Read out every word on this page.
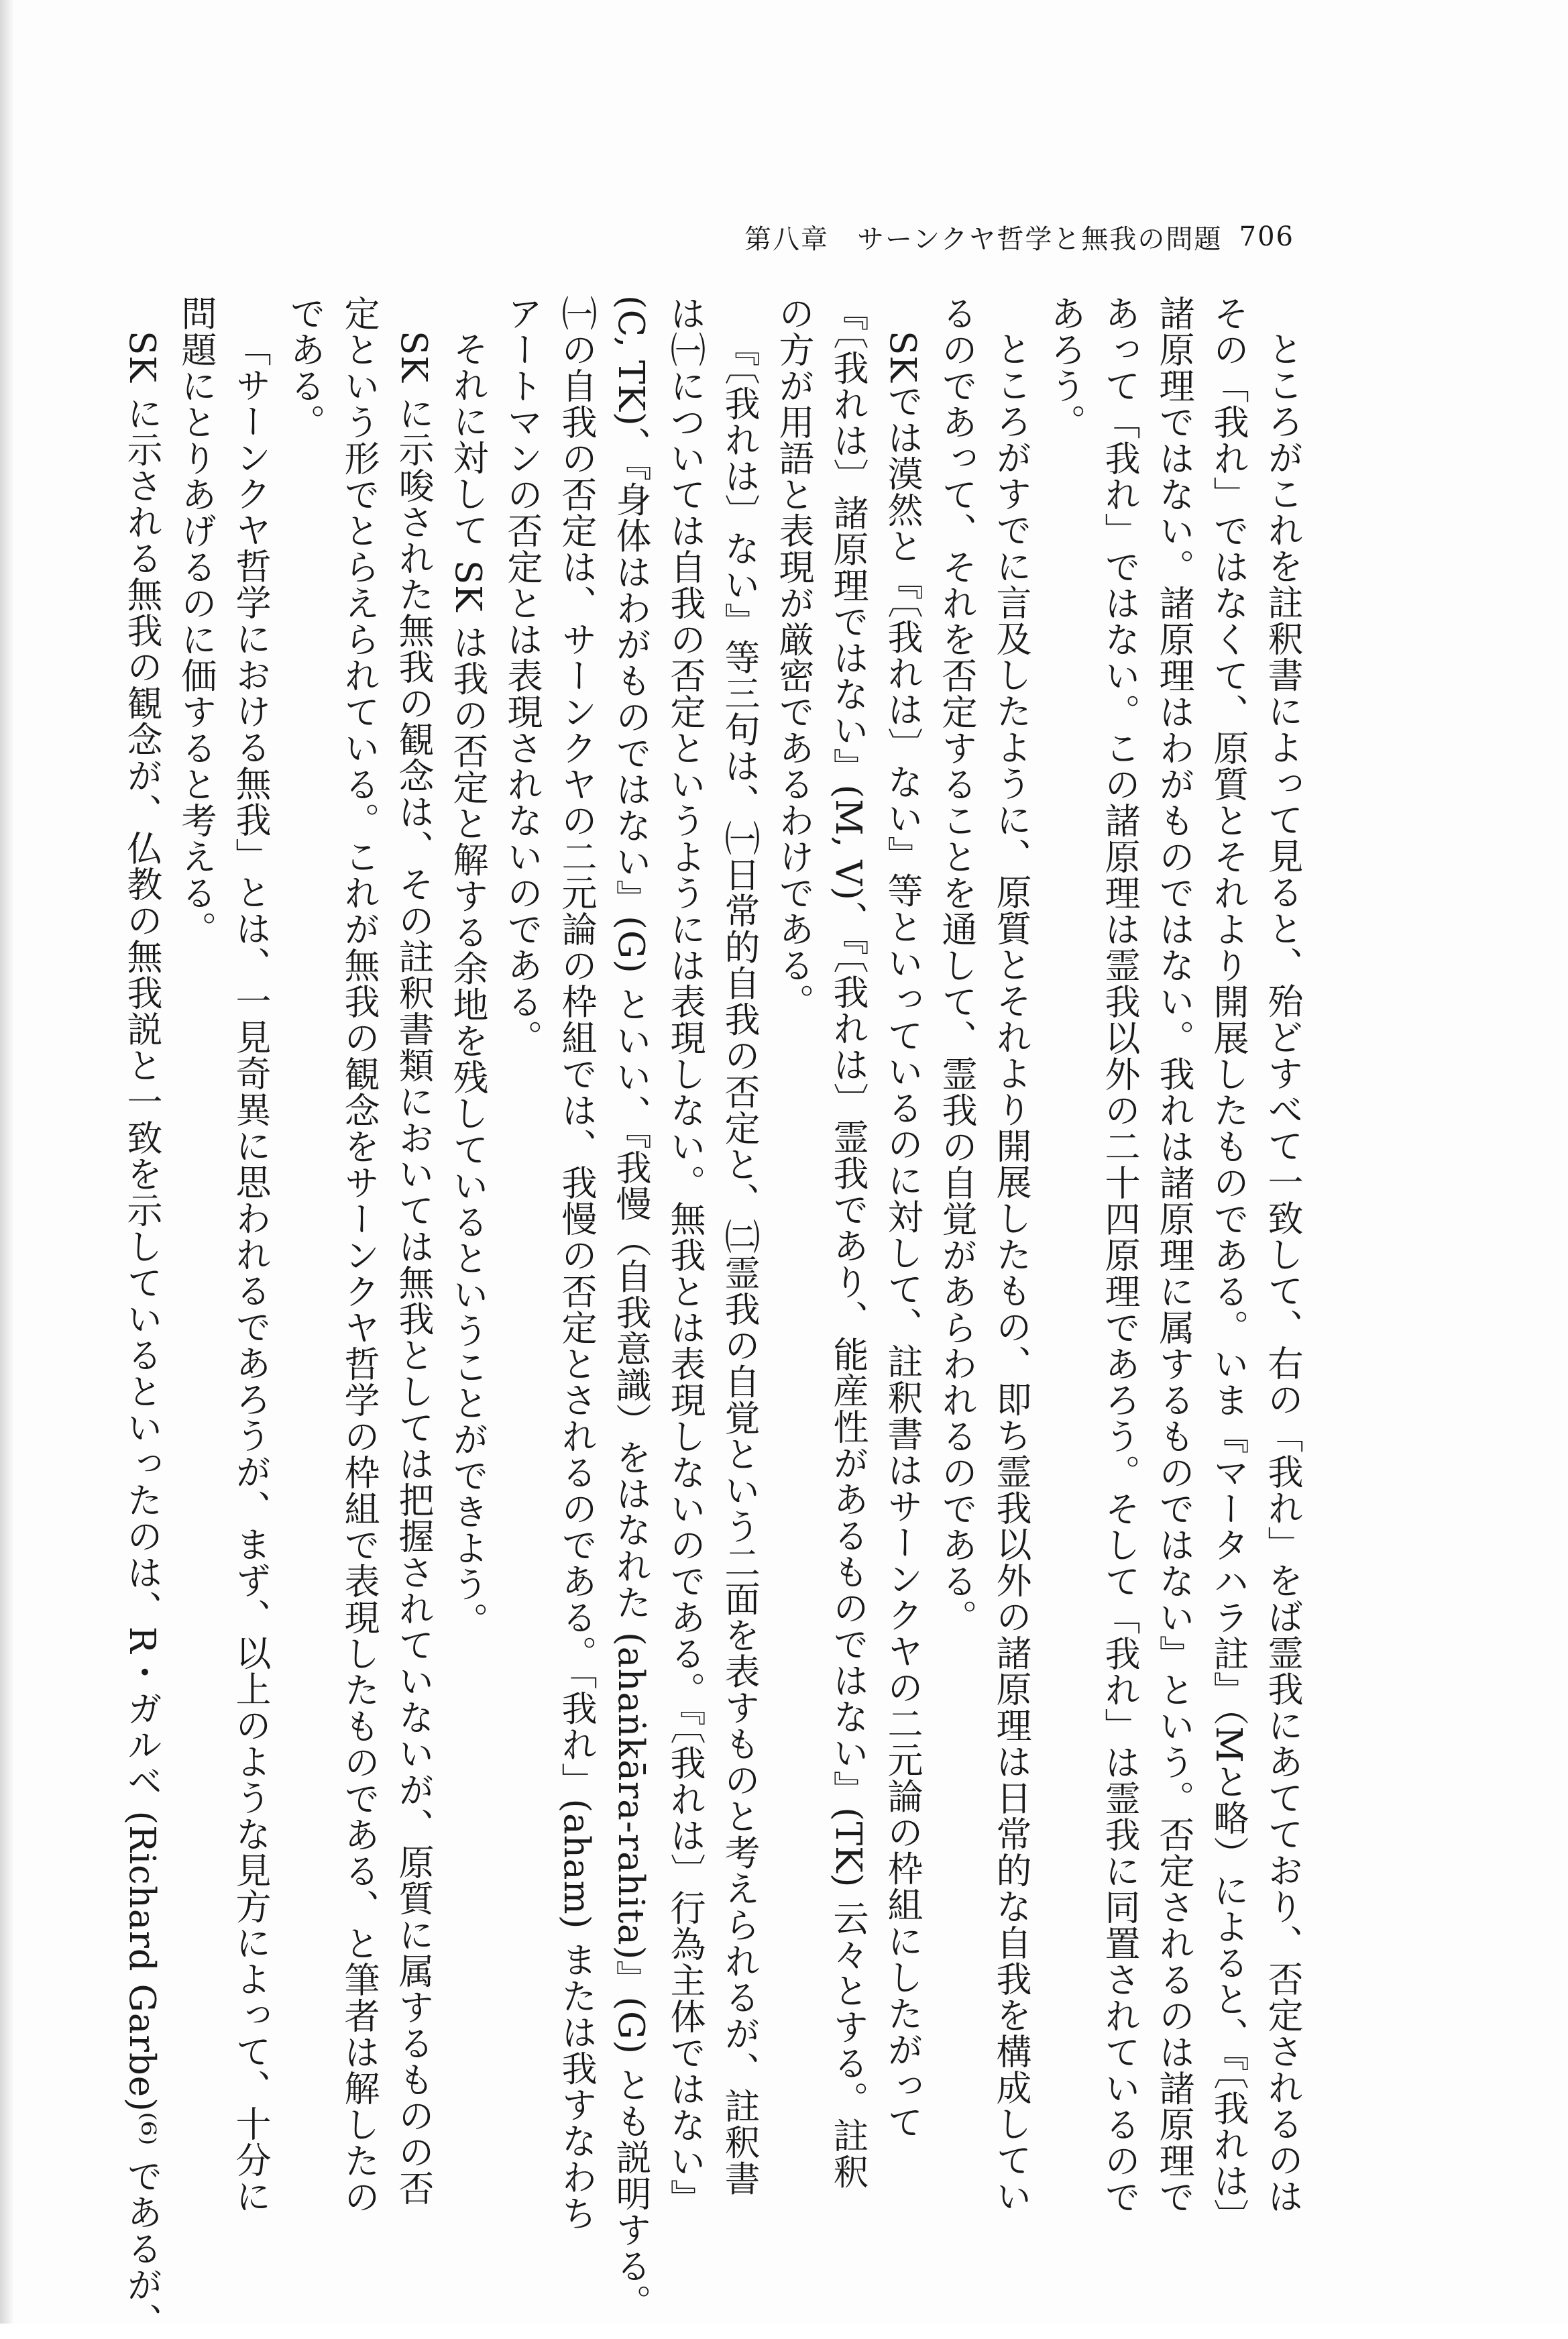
第八章　サーンクヤ哲学と無我の問題 706

ところがこれを註釈書によって見ると、殆どすべて一致して、右の「我れ」をば霊我にあてており、否定されるのは

その「我れ」ではなくて、原質とそれより開展したものである。いま『マータハラ註』（Mと略）によると、『〔我れは〕

諸原理ではない。諸原理はわがものではない。我れは諸原理に属するものではない』という。否定されるのは諸原理で

あって「我れ」ではない。この諸原理は霊我以外の二十四原理であろう。そして「我れ」は霊我に同置されているので

あろう。

ところがすでに言及したように、原質とそれより開展したもの、即ち霊我以外の諸原理は日常的な自我を構成してい

るのであって、それを否定することを通して、霊我の自覚があらわれるのである。

SKでは漠然と『〔我れは〕ない』等といっているのに対して、註釈書はサーンクヤの二元論の枠組にしたがって

『〔我れは〕諸原理ではない』(M, V)、『〔我れは〕霊我であり、能産性があるものではない』(TK) 云々とする。註釈

の方が用語と表現が厳密であるわけである。

『〔我れは〕ない』等三句は、㈠日常的自我の否定と、㈡霊我の自覚という二面を表すものと考えられるが、註釈書

は㈠については自我の否定というようには表現しない。無我とは表現しないのである。『〔我れは〕行為主体ではない』

(C, TK)、『身体はわがものではない』(G) といい、『我慢（自我意識）をはなれた (ahaṅkāra-rahita)』(G) とも説明する。

㈠の自我の否定は、サーンクヤの二元論の枠組では、我慢の否定とされるのである。「我れ」(aham) または我すなわち

アートマンの否定とは表現されないのである。

それに対して SK は我の否定と解する余地を残しているということができよう。

SK に示唆された無我の観念は、その註釈書類においては無我としては把握されていないが、原質に属するものの否

定という形でとらえられている。これが無我の観念をサーンクヤ哲学の枠組で表現したものである、と筆者は解したの

である。

「サーンクヤ哲学における無我」とは、一見奇異に思われるであろうが、まず、以上のような見方によって、十分に

問題にとりあげるのに価すると考える。

SK に示される無我の観念が、仏教の無我説と一致を示しているといったのは、R・ガルベ (Richard Garbe)⁽⁶⁾ であるが、
